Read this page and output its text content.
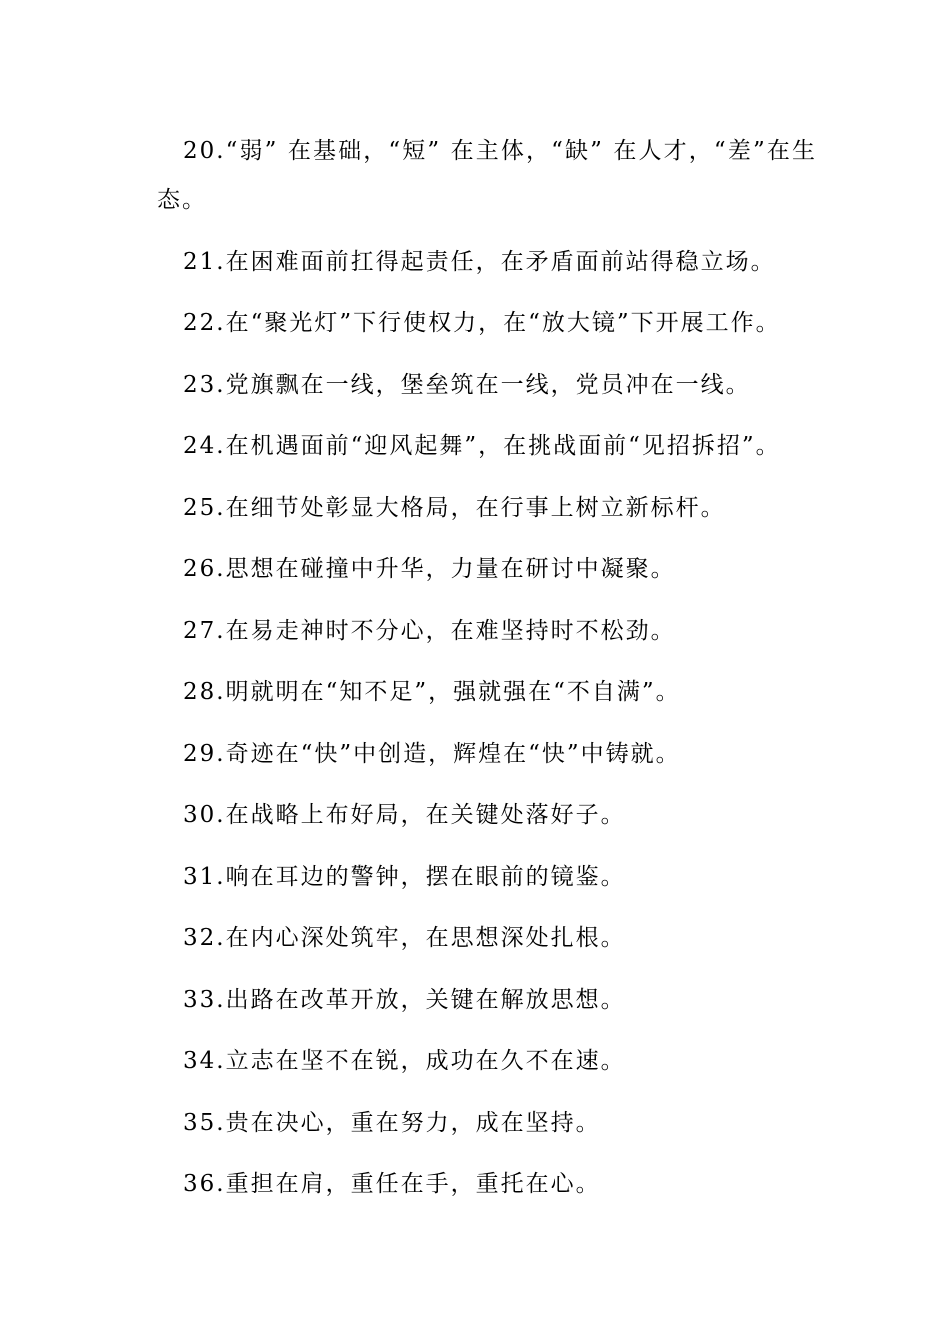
20.“弱” 在基础，“短” 在主体，“缺” 在人才，“差”在生态。

21.在困难面前扛得起责任，在矛盾面前站得稳立场。

22.在“聚光灯”下行使权力，在“放大镜”下开展工作。

23.党旗飘在一线，堡垒筑在一线，党员冲在一线。

24.在机遇面前“迎风起舞”，在挑战面前“见招拆招”。

25.在细节处彰显大格局，在行事上树立新标杆。

26.思想在碰撞中升华，力量在研讨中凝聚。

27.在易走神时不分心，在难坚持时不松劲。

28.明就明在“知不足”，强就强在“不自满”。

29.奇迹在“快”中创造，辉煌在“快”中铸就。

30.在战略上布好局，在关键处落好子。

31.响在耳边的警钟，摆在眼前的镜鉴。

32.在内心深处筑牢，在思想深处扎根。

33.出路在改革开放，关键在解放思想。

34.立志在坚不在锐，成功在久不在速。

35.贵在决心，重在努力，成在坚持。

36.重担在肩，重任在手，重托在心。
